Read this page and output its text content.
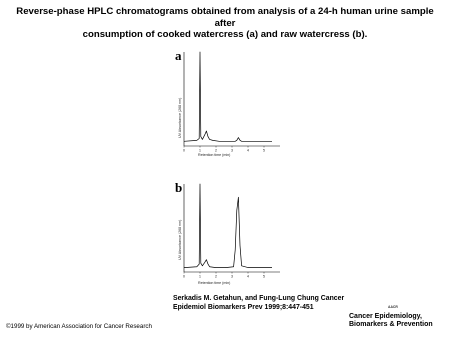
Reverse-phase HPLC chromatograms obtained from analysis of a 24-h human urine sample after
consumption of cooked watercress (a) and raw watercress (b).
a
UV Absorbance (268 nm)
0	1	2	3	4	5
Retention time (min)
b
UV Absorbance (268 nm)
0	1	2	3	4	5
Retention time (min)
Serkadis M. Getahun, and Fung-Lung Chung Cancer
Epidemiol Biomarkers Prev 1999;8:447-451
©1999 by American Association for Cancer Research
AACR
Cancer Epidemiology,
Biomarkers & Prevention
